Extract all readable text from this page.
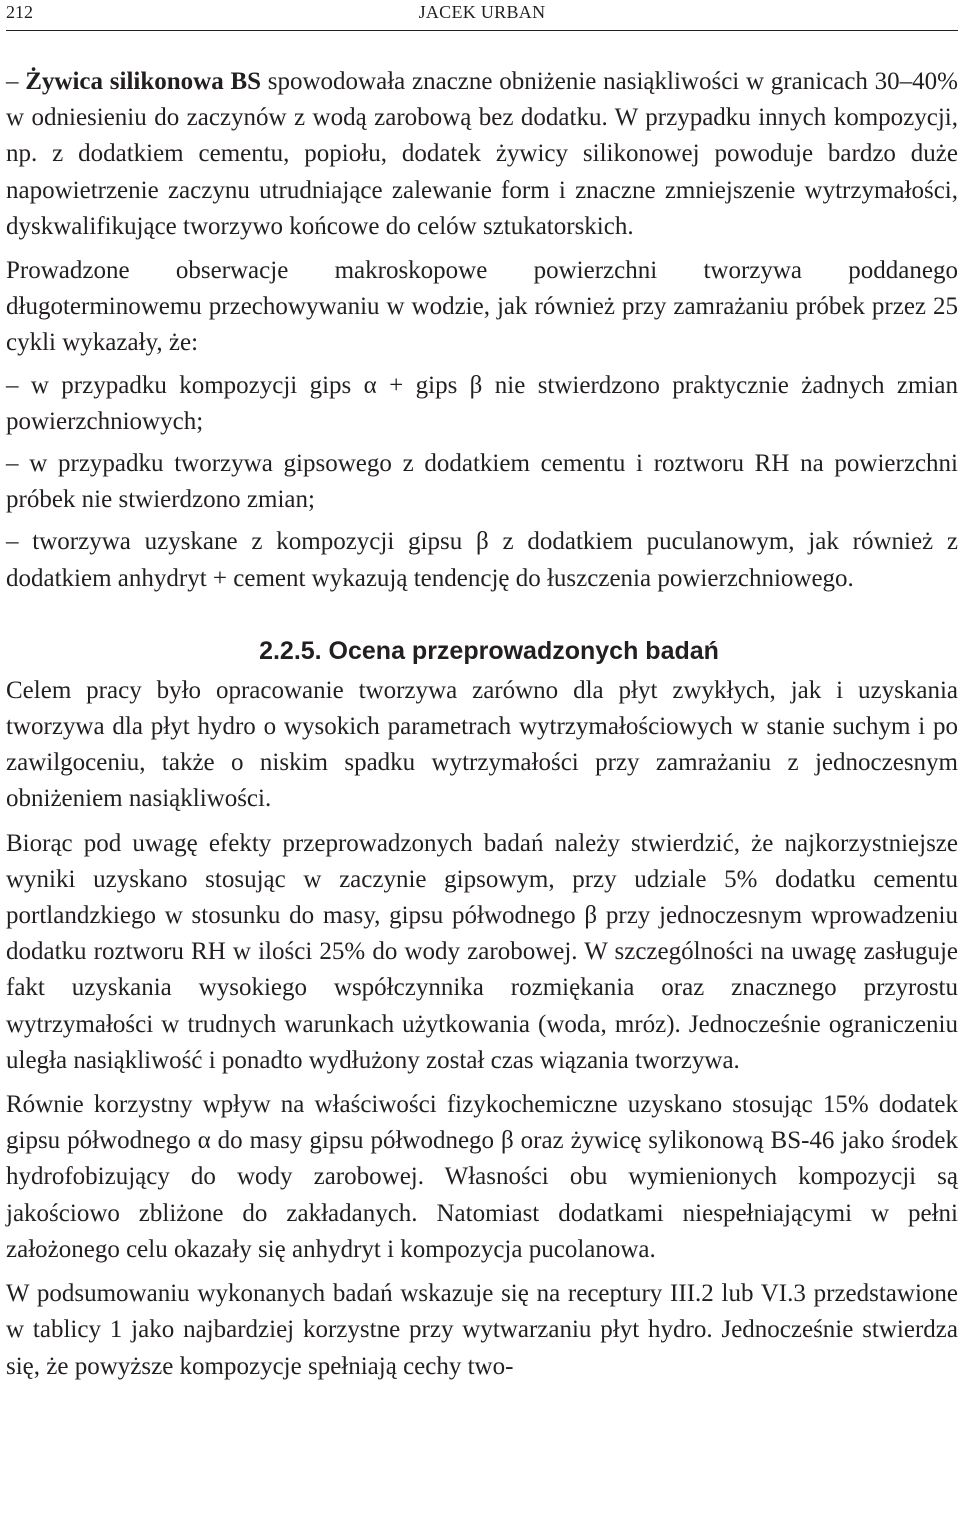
212	JACEK URBAN

– Żywica silikonowa BS spowodowała znaczne obniżenie nasiąkliwości w granicach 30–40% w odniesieniu do zaczynów z wodą zarobową bez dodatku. W przypadku innych kompozycji, np. z dodatkiem cementu, popiołu, dodatek żywicy silikonowej powoduje bardzo duże napowietrzenie zaczynu utrudniające zalewanie form i znaczne zmniejszenie wytrzymałości, dyskwalifikujące tworzywo końcowe do celów sztukatorskich.

Prowadzone obserwacje makroskopowe powierzchni tworzywa poddanego długoterminowemu przechowywaniu w wodzie, jak również przy zamrażaniu próbek przez 25 cykli wykazały, że:

– w przypadku kompozycji gips α + gips β nie stwierdzono praktycznie żadnych zmian powierzchniowych;

– w przypadku tworzywa gipsowego z dodatkiem cementu i roztworu RH na powierzchni próbek nie stwierdzono zmian;

– tworzywa uzyskane z kompozycji gipsu β z dodatkiem puculanowym, jak również z dodatkiem anhydryt + cement wykazują tendencję do łuszczenia powierzchniowego.

2.2.5. Ocena przeprowadzonych badań

Celem pracy było opracowanie tworzywa zarówno dla płyt zwykłych, jak i uzyskania tworzywa dla płyt hydro o wysokich parametrach wytrzymałościowych w stanie suchym i po zawilgoceniu, także o niskim spadku wytrzymałości przy zamrażaniu z jednoczesnym obniżeniem nasiąkliwości.

Biorąc pod uwagę efekty przeprowadzonych badań należy stwierdzić, że najkorzystniejsze wyniki uzyskano stosując w zaczynie gipsowym, przy udziale 5% dodatku cementu portlandzkiego w stosunku do masy, gipsu półwodnego β przy jednoczesnym wprowadzeniu dodatku roztworu RH w ilości 25% do wody zarobowej. W szczególności na uwagę zasługuje fakt uzyskania wysokiego współczynnika rozmiękania oraz znacznego przyrostu wytrzymałości w trudnych warunkach użytkowania (woda, mróz). Jednocześnie ograniczeniu uległa nasiąkliwość i ponadto wydłużony został czas wiązania tworzywa.

Równie korzystny wpływ na właściwości fizykochemiczne uzyskano stosując 15% dodatek gipsu półwodnego α do masy gipsu półwodnego β oraz żywicę sylikonową BS-46 jako środek hydrofobizujący do wody zarobowej. Własności obu wymienionych kompozycji są jakościowo zbliżone do zakładanych. Natomiast dodatkami niespełniającymi w pełni założonego celu okazały się anhydryt i kompozycja pucolanowa.

W podsumowaniu wykonanych badań wskazuje się na receptury III.2 lub VI.3 przedstawione w tablicy 1 jako najbardziej korzystne przy wytwarzaniu płyt hydro. Jednocześnie stwierdza się, że powyższe kompozycje spełniają cechy two-
